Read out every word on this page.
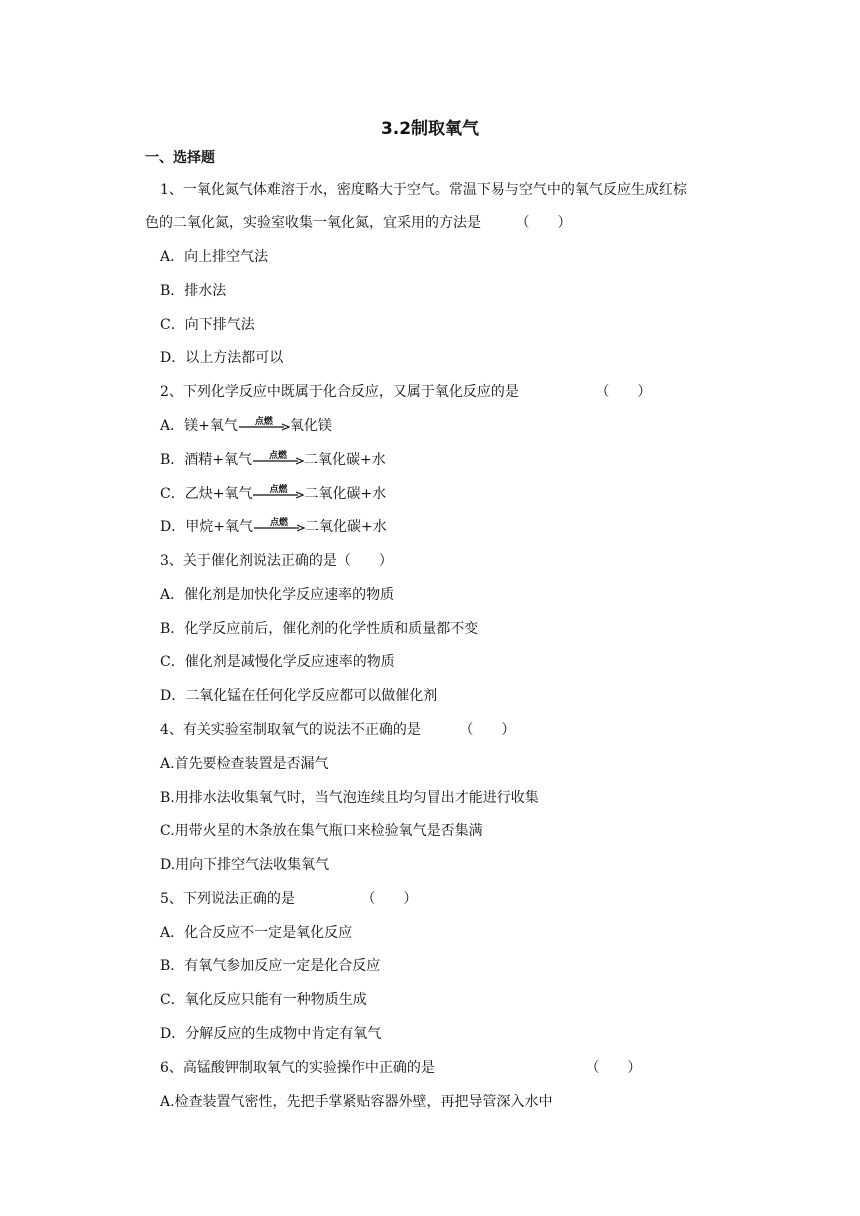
3.2制取氧气
一、选择题
1、一氧化氮气体难溶于水，密度略大于空气。常温下易与空气中的氧气反应生成红棕
色的二氧化氮，实验室收集一氧化氮，宜采用的方法是 （　　）
A．向上排空气法
B．排水法
C．向下排气法
D．以上方法都可以
2、下列化学反应中既属于化合反应，又属于氧化反应的是	（　　）
A．镁+氧气	点燃	氧化镁
B．酒精+氧气	点燃	二氧化碳+水
C．乙炔+氧气	点燃	二氧化碳+水
D．甲烷+氧气	点燃	二氧化碳+水
3、关于催化剂说法正确的是（　　）
A．催化剂是加快化学反应速率的物质
B．化学反应前后，催化剂的化学性质和质量都不变
C．催化剂是减慢化学反应速率的物质
D．二氧化锰在任何化学反应都可以做催化剂
4、有关实验室制取氧气的说法不正确的是	（　　）
A.首先要检查装置是否漏气
B.用排水法收集氧气时，当气泡连续且均匀冒出才能进行收集
C.用带火星的木条放在集气瓶口来检验氧气是否集满
D.用向下排空气法收集氧气
5、下列说法正确的是	（　　）
A．化合反应不一定是氧化反应
B．有氧气参加反应一定是化合反应
C．氧化反应只能有一种物质生成
D．分解反应的生成物中肯定有氧气
6、高锰酸钾制取氧气的实验操作中正确的是	（　　）
A.检查装置气密性，先把手掌紧贴容器外壁，再把导管深入水中
